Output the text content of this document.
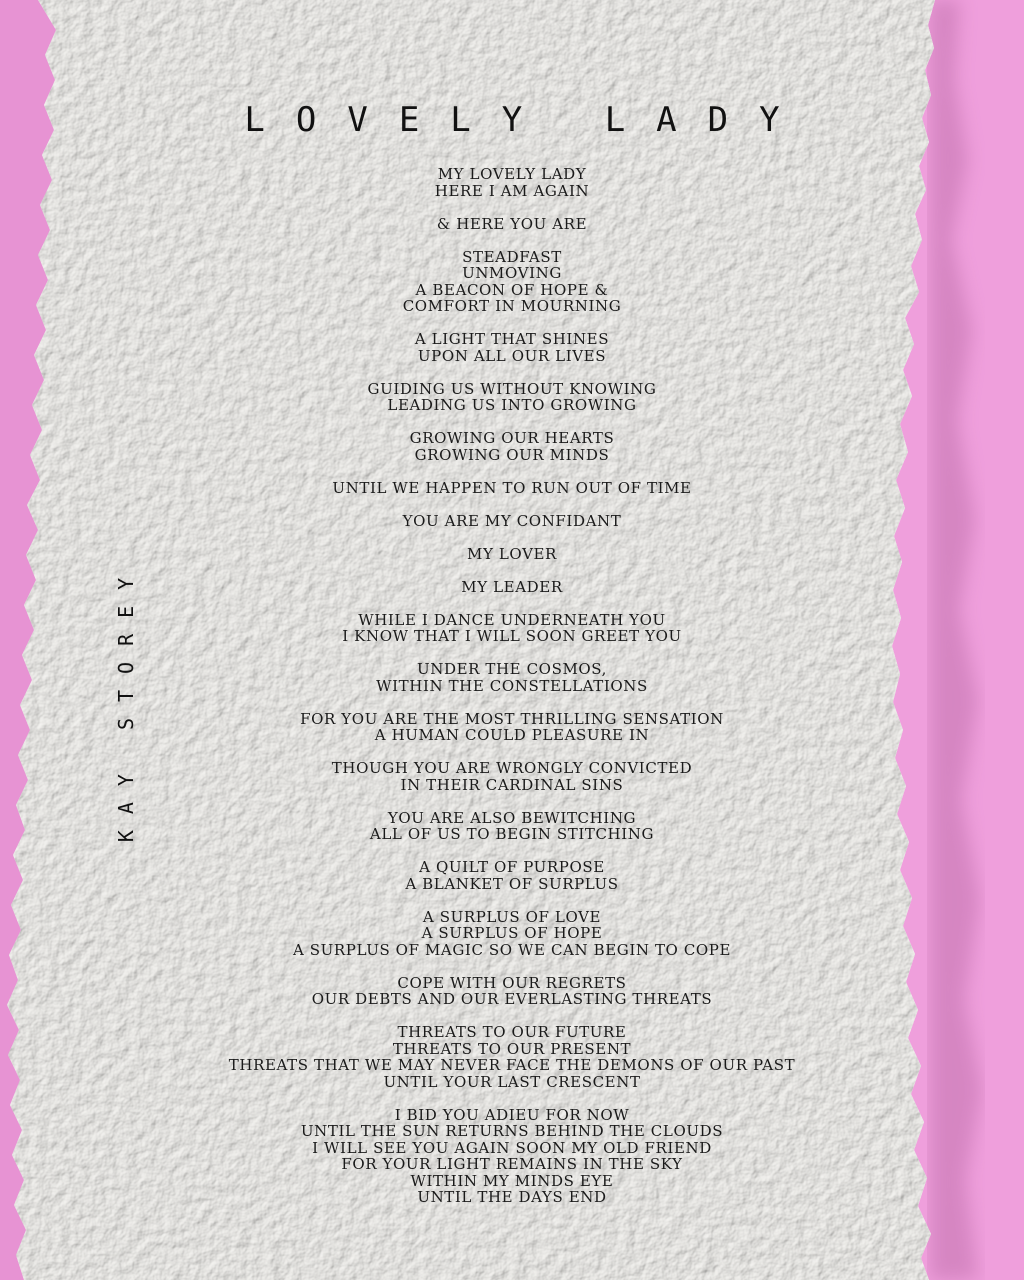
LOVELY LADY
KAY STOREY
MY LOVELY LADY
HERE I AM AGAIN
& HERE YOU ARE
STEADFAST
UNMOVING
A BEACON OF HOPE &
COMFORT IN MOURNING
A LIGHT THAT SHINES
UPON ALL OUR LIVES
GUIDING US WITHOUT KNOWING
LEADING US INTO GROWING
GROWING OUR HEARTS
GROWING OUR MINDS
UNTIL WE HAPPEN TO RUN OUT OF TIME
YOU ARE MY CONFIDANT
MY LOVER
MY LEADER
WHILE I DANCE UNDERNEATH YOU
I KNOW THAT I WILL SOON GREET YOU
UNDER THE COSMOS,
WITHIN THE CONSTELLATIONS
FOR YOU ARE THE MOST THRILLING SENSATION
A HUMAN COULD PLEASURE IN
THOUGH YOU ARE WRONGLY CONVICTED
IN THEIR CARDINAL SINS
YOU ARE ALSO BEWITCHING
ALL OF US TO BEGIN STITCHING
A QUILT OF PURPOSE
A BLANKET OF SURPLUS
A SURPLUS OF LOVE
A SURPLUS OF HOPE
A SURPLUS OF MAGIC SO WE CAN BEGIN TO COPE
COPE WITH OUR REGRETS
OUR DEBTS AND OUR EVERLASTING THREATS
THREATS TO OUR FUTURE
THREATS TO OUR PRESENT
THREATS THAT WE MAY NEVER FACE THE DEMONS OF OUR PAST
UNTIL YOUR LAST CRESCENT
I BID YOU ADIEU FOR NOW
UNTIL THE SUN RETURNS BEHIND THE CLOUDS
I WILL SEE YOU AGAIN SOON MY OLD FRIEND
FOR YOUR LIGHT REMAINS IN THE SKY
WITHIN MY MINDS EYE
UNTIL THE DAYS END
